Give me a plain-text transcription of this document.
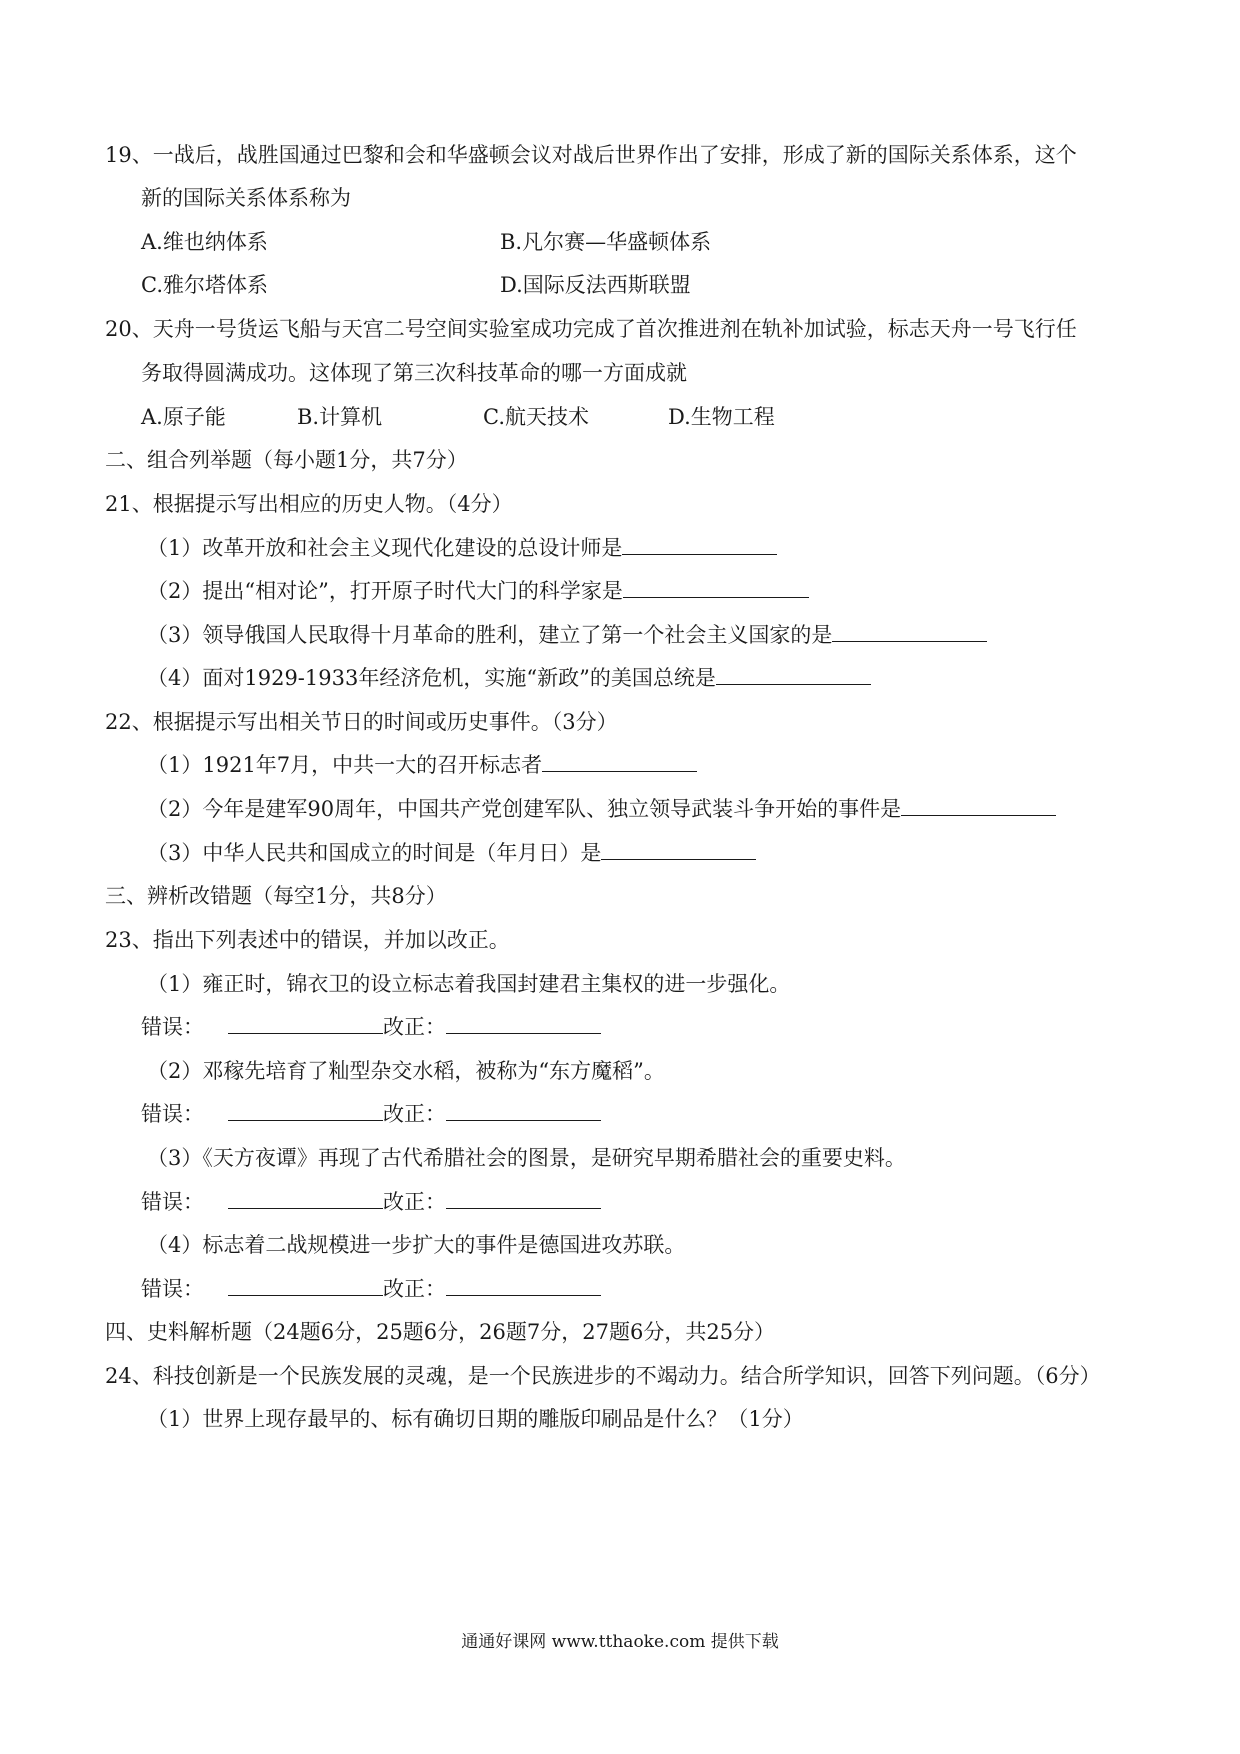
19、一战后，战胜国通过巴黎和会和华盛顿会议对战后世界作出了安排，形成了新的国际关系体系，这个
新的国际关系体系称为
A.维也纳体系	B.凡尔赛—华盛顿体系
C.雅尔塔体系	D.国际反法西斯联盟
20、天舟一号货运飞船与天宫二号空间实验室成功完成了首次推进剂在轨补加试验，标志天舟一号飞行任
务取得圆满成功。这体现了第三次科技革命的哪一方面成就
A.原子能	B.计算机	C.航天技术	D.生物工程
二、组合列举题（每小题1分，共7分）
21、根据提示写出相应的历史人物。（4分）
（1）改革开放和社会主义现代化建设的总设计师是
（2）提出“相对论”，打开原子时代大门的科学家是
（3）领导俄国人民取得十月革命的胜利，建立了第一个社会主义国家的是
（4）面对1929-1933年经济危机，实施“新政”的美国总统是
22、根据提示写出相关节日的时间或历史事件。（3分）
（1）1921年7月，中共一大的召开标志者
（2）今年是建军90周年，中国共产党创建军队、独立领导武装斗争开始的事件是
（3）中华人民共和国成立的时间是（年月日）是
三、辨析改错题（每空1分，共8分）
23、指出下列表述中的错误，并加以改正。
（1）雍正时，锦衣卫的设立标志着我国封建君主集权的进一步强化。
错误：	改正：
（2）邓稼先培育了籼型杂交水稻，被称为“东方魔稻”。
错误：	改正：
（3）《天方夜谭》再现了古代希腊社会的图景，是研究早期希腊社会的重要史料。
错误：	改正：
（4）标志着二战规模进一步扩大的事件是德国进攻苏联。
错误：	改正：
四、史料解析题（24题6分，25题6分，26题7分，27题6分，共25分）
24、科技创新是一个民族发展的灵魂，是一个民族进步的不竭动力。结合所学知识，回答下列问题。（6分）
（1）世界上现存最早的、标有确切日期的雕版印刷品是什么？（1分）
通通好课网 www.tthaoke.com 提供下载
